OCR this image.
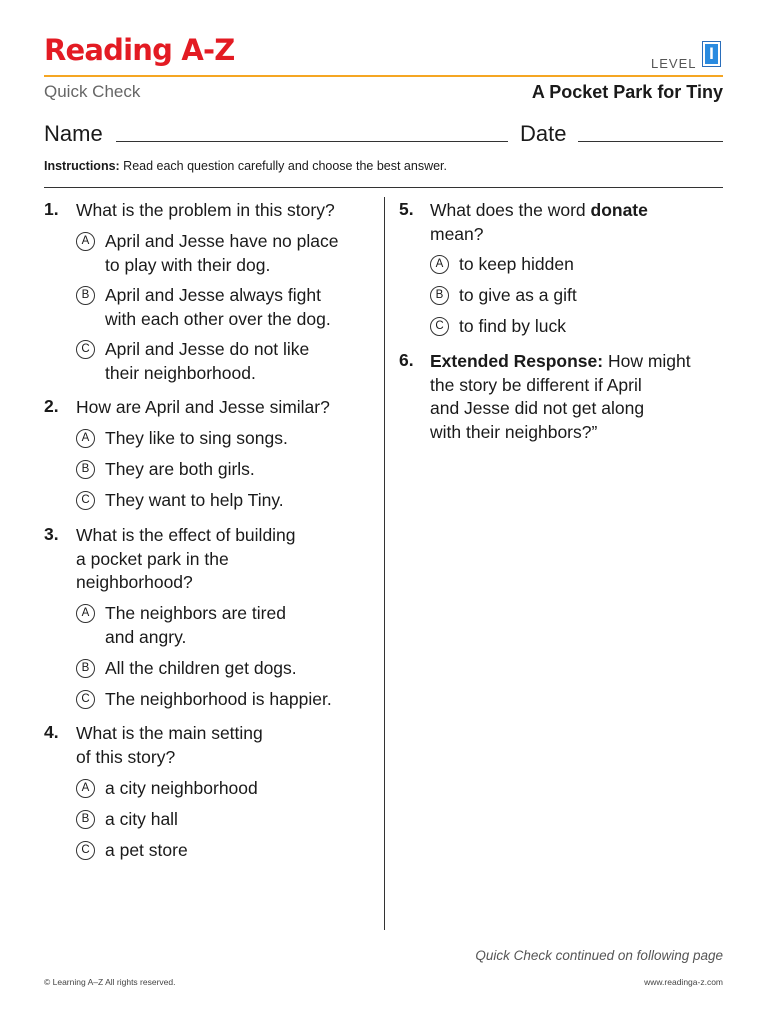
Reading A-Z	LEVEL
I
Quick Check	A Pocket Park for Tiny
Name	Date
Instructions: Read each question carefully and choose the best answer.
1. What is the problem in this story?
A April and Jesse have no place
to play with their dog.
B April and Jesse always fight
with each other over the dog.
C April and Jesse do not like
their neighborhood.
2. How are April and Jesse similar?
A They like to sing songs.
B They are both girls.
C They want to help Tiny.
3. What is the effect of building
a pocket park in the
neighborhood?
A The neighbors are tired
and angry.
B All the children get dogs.
C The neighborhood is happier.
4. What is the main setting
of this story?
A a city neighborhood
B a city hall
C a pet store
5. What does the word donate
mean?
A to keep hidden
B to give as a gift
C to find by luck
6. Extended Response: How might
the story be different if April
and Jesse did not get along
with their neighbors?”
Quick Check continued on following page
© Learning A–Z All rights reserved.	www.readinga-z.com
